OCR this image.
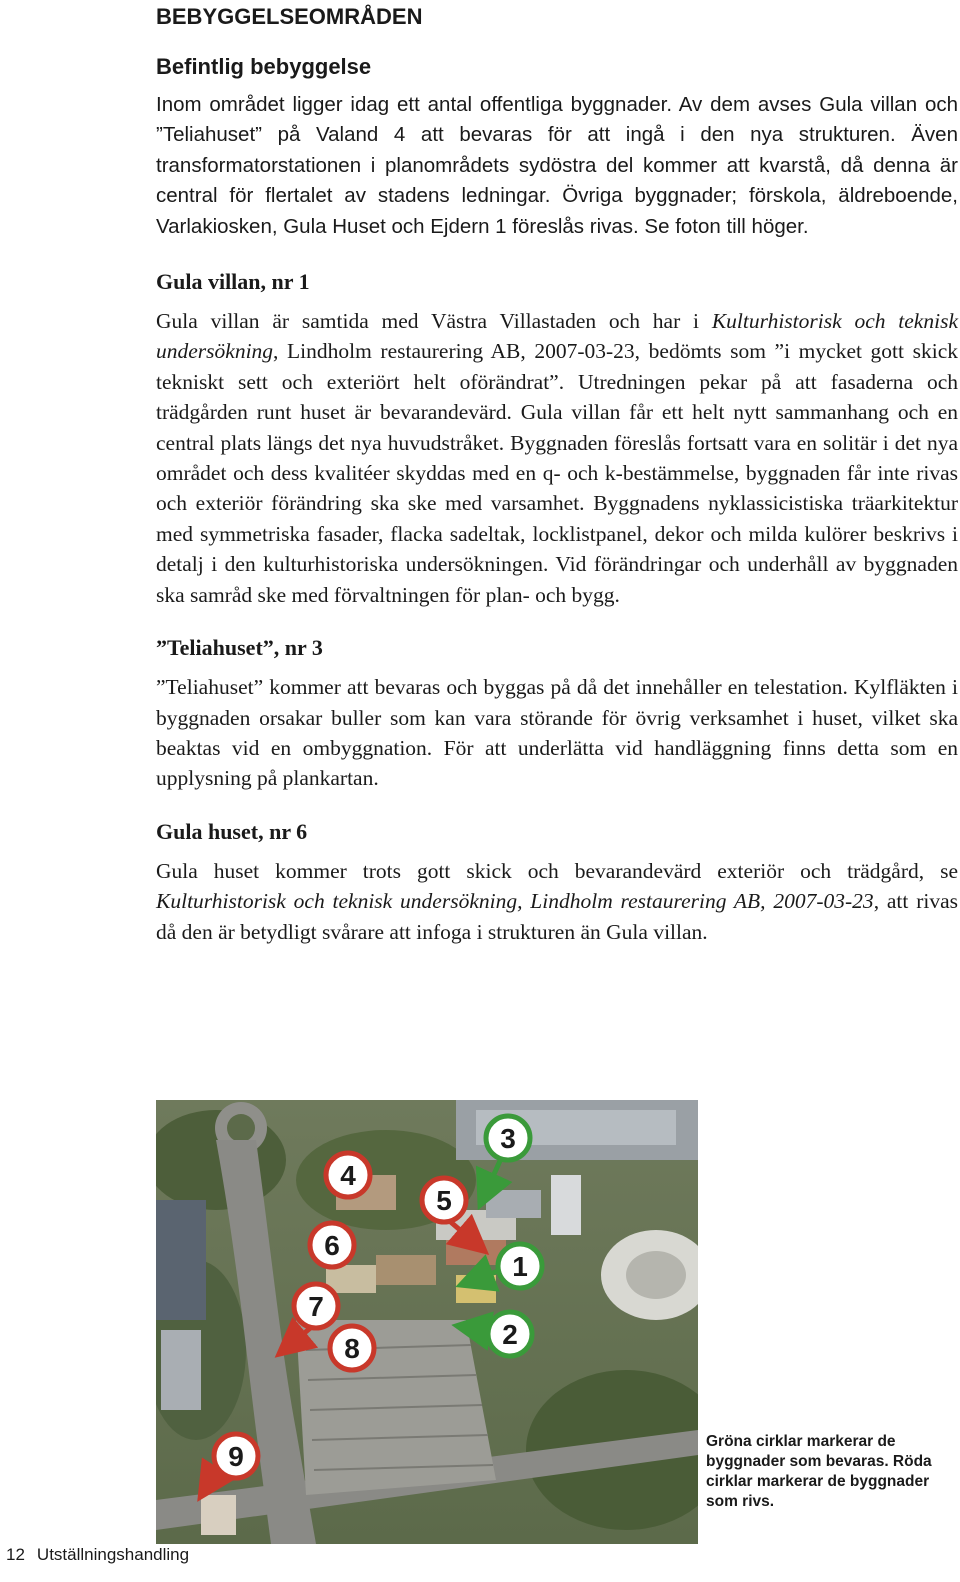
BEBYGGELSEOMRÅDEN
Befintlig bebyggelse

Inom området ligger idag ett antal offentliga byggnader. Av dem avses Gula villan och ”Teliahuset” på Valand 4 att bevaras för att ingå i den nya strukturen. Även transformatorstationen i planområdets sydöstra del kommer att kvarstå, då denna är central för flertalet av stadens ledningar. Övriga byggnader; förskola, äldreboende, Varlakiosken, Gula Huset och Ejdern 1 föreslås rivas. Se foton till höger.

Gula villan, nr 1

Gula villan är samtida med Västra Villastaden och har i Kulturhistorisk och teknisk undersökning, Lindholm restaurering AB, 2007-03-23, bedömts som ”i mycket gott skick tekniskt sett och exteriört helt oförändrat”. Utredningen pekar på att fasaderna och trädgården runt huset är bevarandevärd. Gula villan får ett helt nytt sammanhang och en central plats längs det nya huvudstråket. Byggnaden föreslås fortsatt vara en solitär i det nya området och dess kvalitéer skyddas med en q- och k-bestämmelse, byggnaden får inte rivas och exteriör förändring ska ske med varsamhet. Byggnadens nyklassicistiska träarkitektur med symmetriska fasader, flacka sadeltak, locklistpanel, dekor och milda kulörer beskrivs i detalj i den kulturhistoriska undersökningen. Vid förändringar och underhåll av byggnaden ska samråd ske med förvaltningen för plan- och bygg.

”Teliahuset”, nr 3

”Teliahuset” kommer att bevaras och byggas på då det innehåller en telestation. Kylfläkten i byggnaden orsakar buller som kan vara störande för övrig verksamhet i huset, vilket ska beaktas vid en ombyggnation. För att underlätta vid handläggning finns detta som en upplysning på plankartan.

Gula huset, nr 6

Gula huset kommer trots gott skick och bevarandevärd exteriör och trädgård, se Kulturhistorisk och teknisk undersökning, Lindholm restaurering AB, 2007-03-23, att rivas då den är betydligt svårare att infoga i strukturen än Gula villan.

3
4
5
6
1
7
8	2
9	Gröna cirklar markerar de byggnader som bevaras. Röda cirklar markerar de byggnader som rivs.
12 Utställningshandling
